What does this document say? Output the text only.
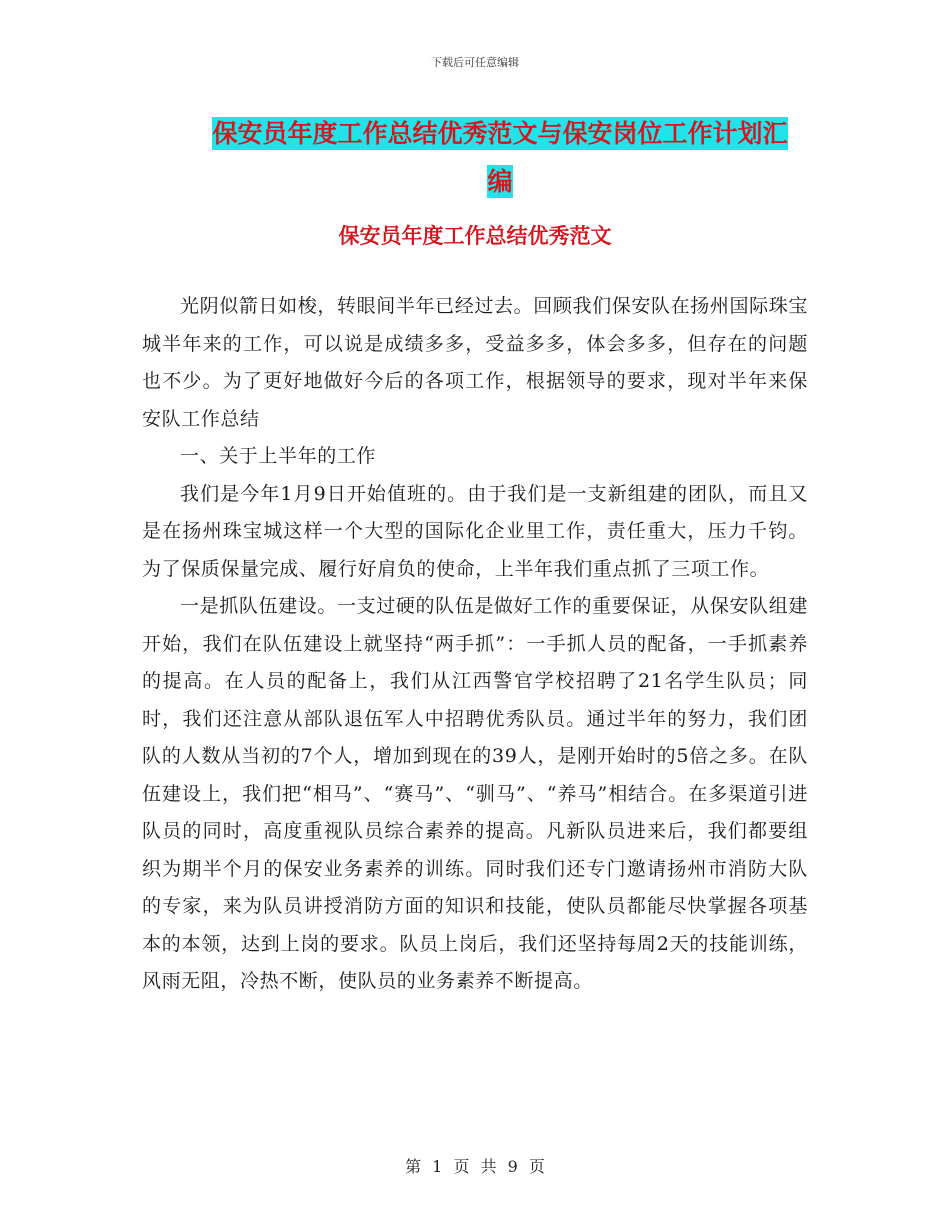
下载后可任意编辑
保安员年度工作总结优秀范文与保安岗位工作计划汇
编
保安员年度工作总结优秀范文

光阴似箭日如梭，转眼间半年已经过去。回顾我们保安队在扬州国际珠宝城半年来的工作，可以说是成绩多多，受益多多，体会多多，但存在的问题也不少。为了更好地做好今后的各项工作，根据领导的要求，现对半年来保安队工作总结

一、关于上半年的工作

我们是今年1月9日开始值班的。由于我们是一支新组建的团队，而且又是在扬州珠宝城这样一个大型的国际化企业里工作，责任重大，压力千钧。为了保质保量完成、履行好肩负的使命，上半年我们重点抓了三项工作。

一是抓队伍建设。一支过硬的队伍是做好工作的重要保证，从保安队组建开始，我们在队伍建设上就坚持“两手抓”：一手抓人员的配备，一手抓素养的提高。在人员的配备上，我们从江西警官学校招聘了21名学生队员；同时，我们还注意从部队退伍军人中招聘优秀队员。通过半年的努力，我们团队的人数从当初的7个人，增加到现在的39人，是刚开始时的5倍之多。在队伍建设上，我们把“相马”、“赛马”、“驯马”、“养马”相结合。在多渠道引进队员的同时，高度重视队员综合素养的提高。凡新队员进来后，我们都要组织为期半个月的保安业务素养的训练。同时我们还专门邀请扬州市消防大队的专家，来为队员讲授消防方面的知识和技能，使队员都能尽快掌握各项基本的本领，达到上岗的要求。队员上岗后，我们还坚持每周2天的技能训练，风雨无阻，冷热不断，使队员的业务素养不断提高。

第 1 页 共 9 页
